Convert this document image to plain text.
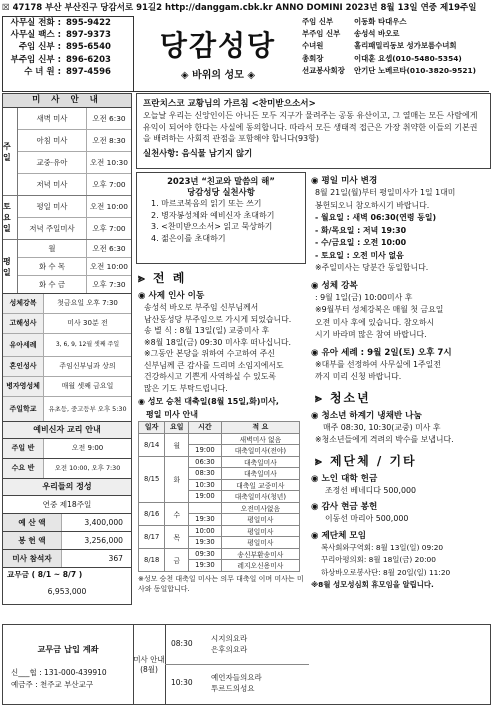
☒ 47178 부산 부산진구 당감서로 91길2 http://danggam.cbk.kr ANNO DOMINI 2023년 8월 13일 연중 제19주일
사무실 전화 : 895-9422
사무실 팩스 : 897-9373
주임 신부 : 895-6540
부주임 신부 : 896-6203
수 녀 원 : 897-4596
당감성당
◈ 바위의 성모 ◈
주임 신부	이동화 타대우스
부주임 신부	송성석 바오로
수녀원	홀리패밀리동보 성가보름수녀회
총회장	이대훈 요셉(010-5480-5354)
선교봉사회장	안기단 노베르타(010-3820-9521)
미 사 안 내
주일
새벽 미사	오전 6:30
아침 미사	오전 8:30
교중·유아	오전 10:30
저녁 미사	오후 7:00
토요일
평일 미사	오전 10:00
저녁 주일미사	오후 7:00
평일
월	오전 6:30
화 수 목	오전 10:00
화 수 금	오후 7:30
성체강복	첫금요일 오후 7:30
고해성사	미사 30분 전
유아세례	3, 6, 9, 12월 셋째 주일
혼인성사	주임신부님과 상의
병자영성체	매월 셋째 금요일
주일학교	유초등, 중고등부 오후 5:30
예비신자 교리 안내
주일 반	오전 9:00
수요 반	오전 10:00, 오후 7:30
우리들의 정성
연중 제18주일
예 산 액	3,400,000
봉 헌 액	3,256,000
미사 참석자	367
교무금 ( 8/1 ~ 8/7 )
6,953,000
프란치스코 교황님의 가르침 <찬미받으소서>
오늘날 우리는 신앙인이든 아니든 모두 지구가 물려주는 공동 유산이고, 그 열매는 모든 사람에게 유익이 되어야 한다는 사실에 동의합니다. 따라서 모든 생태적 접근은 가장 취약한 이들의 기본권을 배려하는 사회적 관점을 포함해야 합니다(93항)
실천사항: 음식물 남기지 않기
2023년 “친교와 말씀의 해”
당감성당 실천사항
1. 마르코복음의 읽기 또는 쓰기
2. 병자봉성체와 예비신자 초대하기
3. <찬미받으소서> 읽고 묵상하기
4. 젊은이를 초대하기
⪢ 전 례
◉ 사제 인사 이동
송성석 바오로 부주임 신부님께서
남산동성당 부주임으로 가시게 되었습니다.
송 별 식 : 8월 13일(일) 교중미사 후
※8월 18일(금) 09:30 미사후 떠나십니다.
※그동안 본당을 위하여 수고하여 주신
신부님께 큰 감사를 드리며 소임지에서도
건강하시고 기쁜게 사역하실 수 있도록
많은 기도 부탁드립니다.
◉ 성모 승천 대축일(8월 15일,화)미사,
평일 미사 안내
일자	요일	시간	적 요
8/14	월		새벽미사 없음
		19:00	대축일미사(전야)
8/15	화	06:30	대축일미사
		08:30	대축일미사
		10:30	대축일 교중미사
		19:00	대축일미사(청년)
8/16	수		오전미사없음
		19:30	평일미사
8/17	목	10:00	평일미사
		19:30	평일미사
8/18	금	09:30	송신부환송미사
		19:30	레지오신용미사
※성모 승천 대축일 미사는 의무 대축일 이며 미사는 미사와 동일합니다.
◉ 평일 미사 변경
8월 21일(월)부터 평일미사가 1일 1대미
봉헌되오니 참오하시기 바랍니다.
- 월요일 : 새벽 06:30(연령 동일)
- 화/목요일 : 저녁 19:30
- 수/금요일 : 오전 10:00
- 토요일 : 오전 미사 없음
※주일미사는 당분간 동일합니다.
◉ 성체 강복
: 9월 1일(금) 10:00미사 후
※9월부터 성체강복은 매월 첫 금요일
오전 미사 후에 있습니다. 참오하시
시기 바라며 많은 참여 바랍니다.
◉ 유아 세례 : 9월 2일(토) 오후 7시
※대부를 선정하여 사무실에 1주일전
까지 미리 신청 바랍니다.
⪢ 청소년
◉ 청소년 하계기 냉채반 나눔
매주 08:30, 10:30(교중) 미사 후
※청소년들에게 격려의 박수를 보냅니다.
⪢ 제단체 / 기타
◉ 노인 대학 헌금
조정선 베네디다 500,000
◉ 감사 현금 봉헌
이동선 마리아 500,000
◉ 제단체 모임
복사회와구역회: 8월 13일(일) 09:20
꾸리아평의회: 8월 18일(금) 20:00
하상바오로봉사단: 8월 20일(일) 11:20
※8월 성모성심회 휴모임을 알립니다.
교무금 납입 계좌
신___협 : 131-000-439910
예금주 : 천주교 부산교구
미사 안내 (8월)
08:30
시지의요라
은후의요라
10:30
예언자들의요라
투르드의성요
